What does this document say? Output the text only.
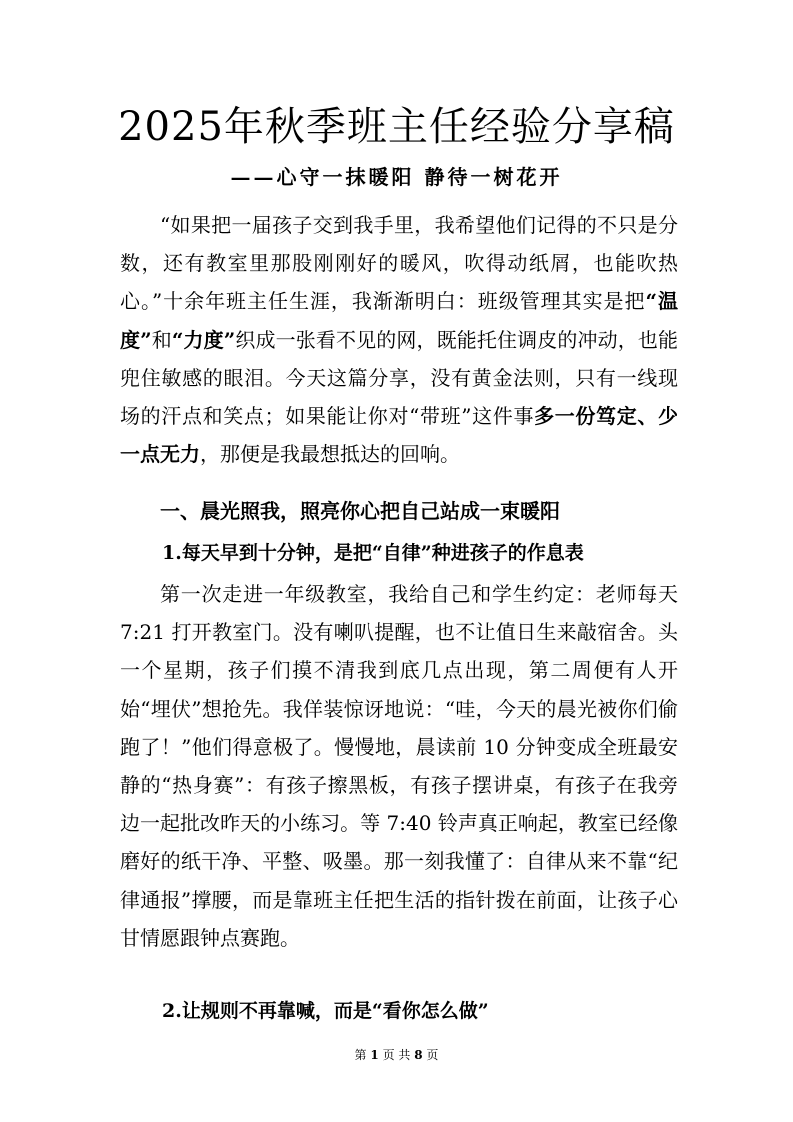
2025年秋季班主任经验分享稿
——心守一抹暖阳 静待一树花开

“如果把一届孩子交到我手里，我希望他们记得的不只是分数，还有教室里那股刚刚好的暖风，吹得动纸屑，也能吹热心。”十余年班主任生涯，我渐渐明白：班级管理其实是把“温度”和“力度”织成一张看不见的网，既能托住调皮的冲动，也能兜住敏感的眼泪。今天这篇分享，没有黄金法则，只有一线现场的汗点和笑点；如果能让你对“带班”这件事多一份笃定、少一点无力，那便是我最想抵达的回响。

一、晨光照我，照亮你心把自己站成一束暖阳
1.每天早到十分钟，是把“自律”种进孩子的作息表

第一次走进一年级教室，我给自己和学生约定：老师每天 7:21 打开教室门。没有喇叭提醒，也不让值日生来敲宿舍。头一个星期，孩子们摸不清我到底几点出现，第二周便有人开始“埋伏”想抢先。我佯装惊讶地说：“哇，今天的晨光被你们偷跑了！”他们得意极了。慢慢地，晨读前 10 分钟变成全班最安静的“热身赛”：有孩子擦黑板，有孩子摆讲桌，有孩子在我旁边一起批改昨天的小练习。等 7:40 铃声真正响起，教室已经像磨好的纸干净、平整、吸墨。那一刻我懂了：自律从来不靠“纪律通报”撑腰，而是靠班主任把生活的指针拨在前面，让孩子心甘情愿跟钟点赛跑。

2.让规则不再靠喊，而是“看你怎么做”
第 1 页 共 8 页
